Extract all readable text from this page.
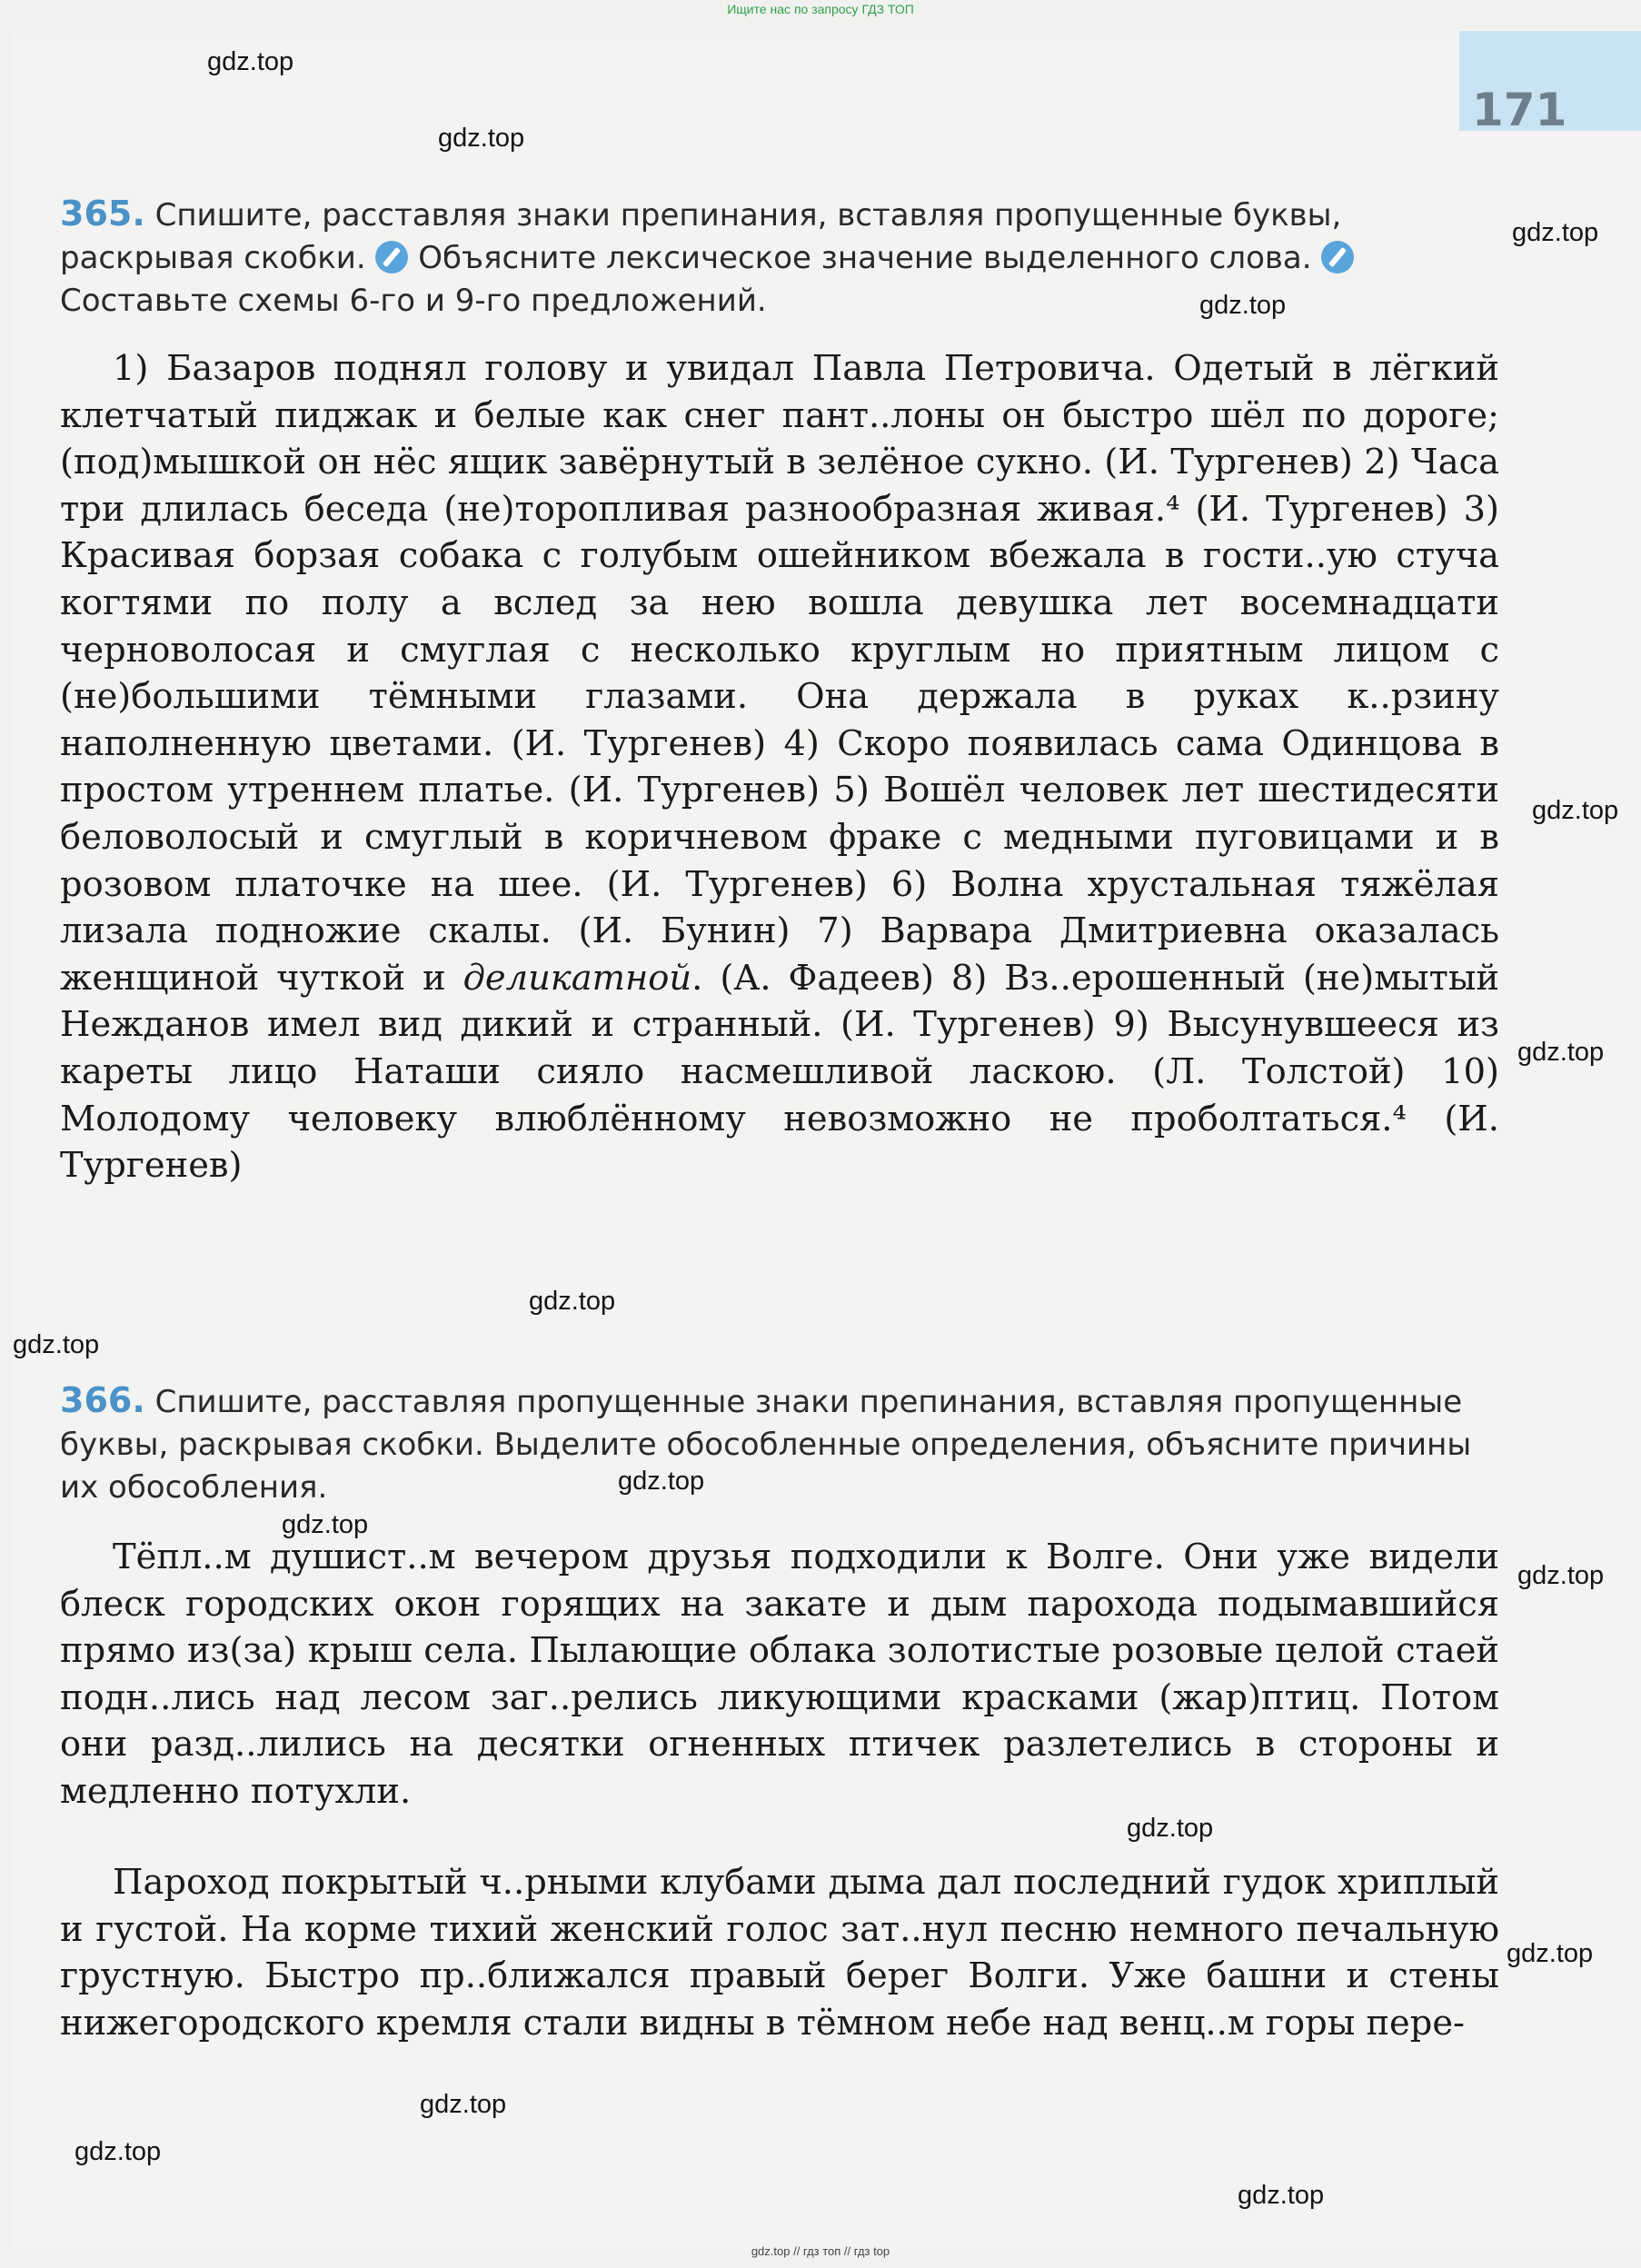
Ищите нас по запросу ГДЗ ТОП
171
365. Спишите, расставляя знаки препинания, вставляя пропущенные буквы, раскрывая скобки. Объясните лексическое значение выделенного слова.  Составьте схемы 6-го и 9-го предложений.

1) Базаров поднял голову и увидал Павла Петровича. Одетый в лёгкий клетчатый пиджак и белые как снег пант..лоны он быстро шёл по дороге; (под)мышкой он нёс ящик завёрнутый в зелёное сукно. (И. Тургенев) 2) Часа три длилась беседа (не)торопливая разнообразная живая.⁴ (И. Тургенев) 3) Красивая борзая собака с голубым ошейником вбежала в гости..ую стуча когтями по полу а вслед за нею вошла девушка лет восемнадцати черноволосая и смуглая с несколько круглым но приятным лицом с (не)большими тёмными глазами. Она держала в руках к..рзину наполненную цветами. (И. Тургенев) 4) Скоро появилась сама Одинцова в простом утреннем платье. (И. Тургенев) 5) Вошёл человек лет шестидесяти беловолосый и смуглый в коричневом фраке с медными пуговицами и в розовом платочке на шее. (И. Тургенев) 6) Волна хрустальная тяжёлая лизала подножие скалы. (И. Бунин) 7) Варвара Дмитриевна оказалась женщиной чуткой и деликатной. (А. Фадеев) 8) Вз..ерошенный (не)мытый Нежданов имел вид дикий и странный. (И. Тургенев) 9) Высунувшееся из кареты лицо Наташи сияло насмешливой ласкою. (Л. Толстой) 10) Молодому человеку влюблённому невозможно не проболтаться.⁴ (И. Тургенев)

366. Спишите, расставляя пропущенные знаки препинания, вставляя пропущенные буквы, раскрывая скобки. Выделите обособленные определения, объясните причины их обособления.

Тёпл..м душист..м вечером друзья подходили к Волге. Они уже видели блеск городских окон горящих на закате и дым парохода подымавшийся прямо из(за) крыш села. Пылающие облака золотистые розовые целой стаей подн..лись над лесом заг..релись ликующими красками (жар)птиц. Потом они разд..лились на десятки огненных птичек разлетелись в стороны и медленно потухли.

Пароход покрытый ч..рными клубами дыма дал последний гудок хриплый и густой. На корме тихий женский голос зат..нул песню немного печальную грустную. Быстро пр..ближался правый берег Волги. Уже башни и стены нижегородского кремля стали видны в тёмном небе над венц..м горы пере-

gdz.top
gdz.top
gdz.top
gdz.top
gdz.top
gdz.top
gdz.top
gdz.top
gdz.top
gdz.top
gdz.top
gdz.top
gdz.top
gdz.top
gdz.top
gdz.top
gdz.top // гдз топ // гдз top
